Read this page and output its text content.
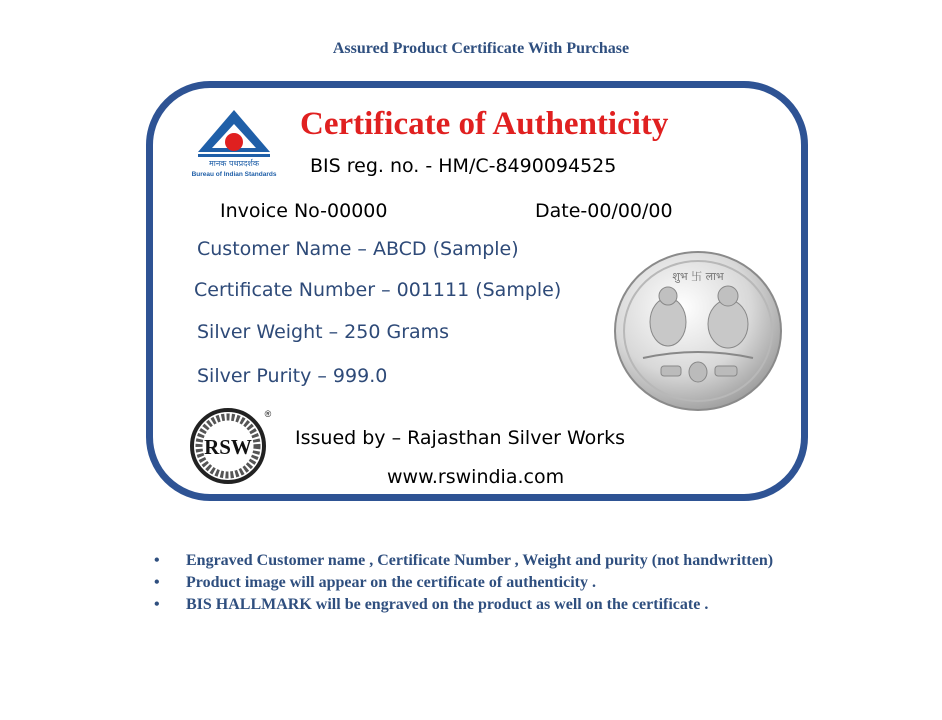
Assured Product Certificate With Purchase
मानक पथप्रदर्शक
Bureau of Indian Standards
Certificate of Authenticity
BIS reg. no. - HM/C-8490094525
Invoice No-00000	Date-00/00/00
Customer Name – ABCD (Sample)
Certificate Number – 001111 (Sample)
Silver Weight – 250 Grams
Silver Purity – 999.0
शुभ 卐 लाभ
RSW
®
Issued by – Rajasthan Silver Works
www.rswindia.com
• Engraved Customer name , Certificate Number , Weight and purity (not handwritten)
• Product image will appear on the certificate of authenticity .
• BIS HALLMARK will be engraved on the product as well on the certificate .
